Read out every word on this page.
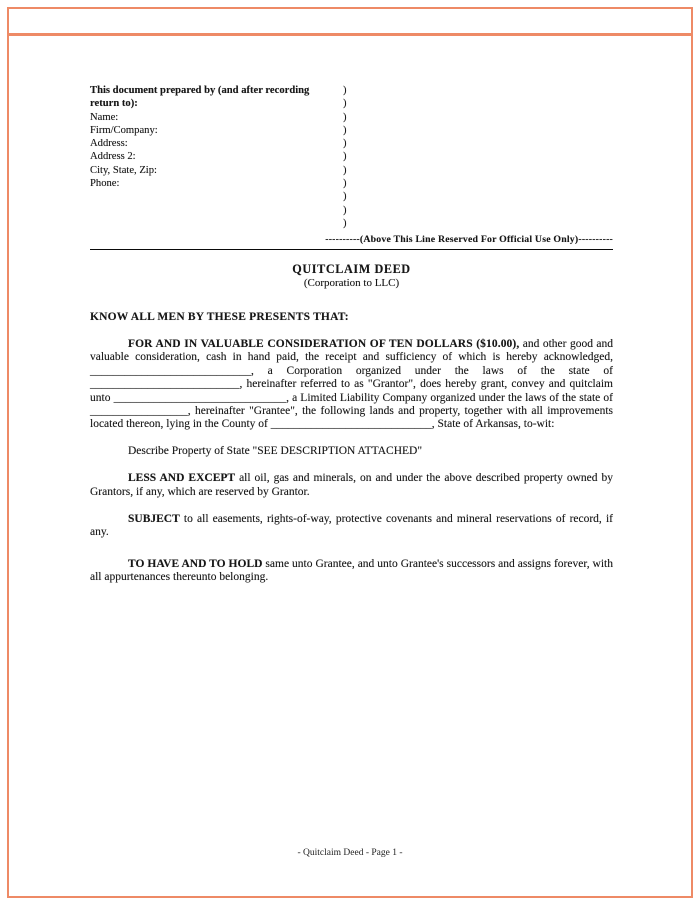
This document prepared by (and after recording	)
return to):	)
Name:	)
Firm/Company:	)
Address:	)
Address 2:	)
City, State, Zip:	)
Phone:	)
)
)
)
----------(Above This Line Reserved For Official Use Only)----------
QUITCLAIM DEED
(Corporation to LLC)
KNOW ALL MEN BY THESE PRESENTS THAT:
FOR AND IN VALUABLE CONSIDERATION OF TEN DOLLARS ($10.00), and other good and valuable consideration, cash in hand paid, the receipt and sufficiency of which is hereby acknowledged, ____________________________, a Corporation organized under the laws of the state of __________________________, hereinafter referred to as "Grantor", does hereby grant, convey and quitclaim unto ______________________________, a Limited Liability Company organized under the laws of the state of _________________, hereinafter "Grantee", the following lands and property, together with all improvements located thereon, lying in the County of ____________________________, State of Arkansas, to-wit:
Describe Property of State "SEE DESCRIPTION ATTACHED"
LESS AND EXCEPT all oil, gas and minerals, on and under the above described property owned by Grantors, if any, which are reserved by Grantor.
SUBJECT to all easements, rights-of-way, protective covenants and mineral reservations of record, if any.
TO HAVE AND TO HOLD same unto Grantee, and unto Grantee's successors and assigns forever, with all appurtenances thereunto belonging.
- Quitclaim Deed - Page 1 -
